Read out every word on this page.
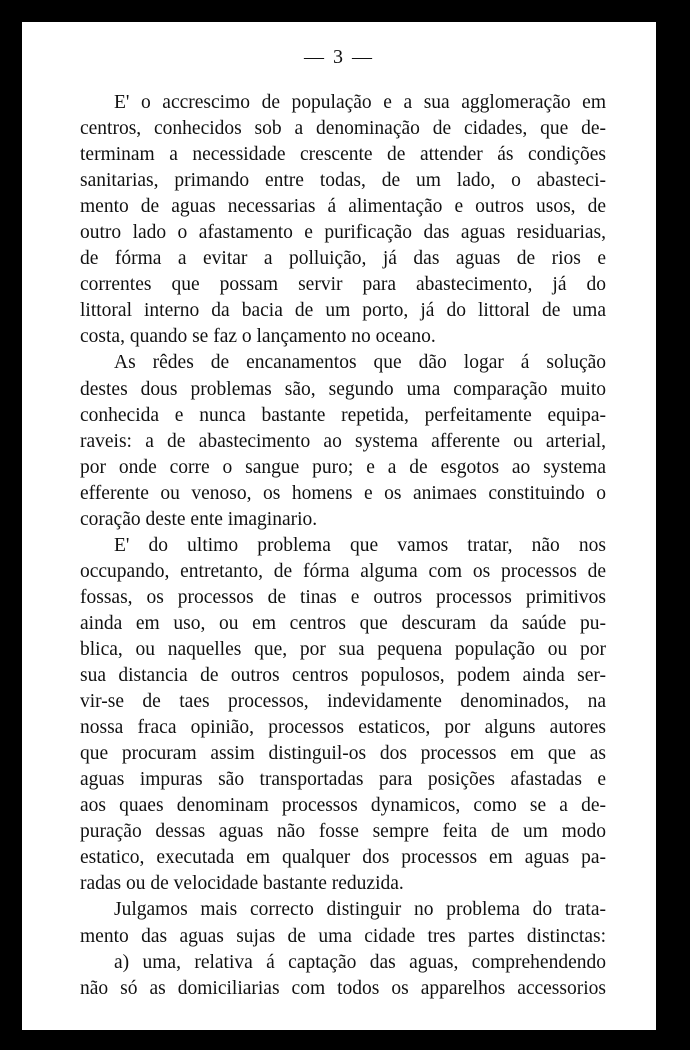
— 3 —
E' o accrescimo de população e a sua agglomeração em
centros, conhecidos sob a denominação de cidades, que de-
terminam a necessidade crescente de attender ás condições
sanitarias, primando entre todas, de um lado, o abasteci-
mento de aguas necessarias á alimentação e outros usos, de
outro lado o afastamento e purificação das aguas residuarias,
de fórma a evitar a polluição, já das aguas de rios e
correntes que possam servir para abastecimento, já do
littoral interno da bacia de um porto, já do littoral de uma
costa, quando se faz o lançamento no oceano.
As rêdes de encanamentos que dão logar á solução
destes dous problemas são, segundo uma comparação muito
conhecida e nunca bastante repetida, perfeitamente equipa-
raveis: a de abastecimento ao systema afferente ou arterial,
por onde corre o sangue puro; e a de esgotos ao systema
efferente ou venoso, os homens e os animaes constituindo o
coração deste ente imaginario.
E' do ultimo problema que vamos tratar, não nos
occupando, entretanto, de fórma alguma com os processos de
fossas, os processos de tinas e outros processos primitivos
ainda em uso, ou em centros que descuram da saúde pu-
blica, ou naquelles que, por sua pequena população ou por
sua distancia de outros centros populosos, podem ainda ser-
vir-se de taes processos, indevidamente denominados, na
nossa fraca opinião, processos estaticos, por alguns autores
que procuram assim distinguil-os dos processos em que as
aguas impuras são transportadas para posições afastadas e
aos quaes denominam processos dynamicos, como se a de-
puração dessas aguas não fosse sempre feita de um modo
estatico, executada em qualquer dos processos em aguas pa-
radas ou de velocidade bastante reduzida.
Julgamos mais correcto distinguir no problema do trata-
mento das aguas sujas de uma cidade tres partes distinctas:
a) uma, relativa á captação das aguas, comprehendendo
não só as domiciliarias com todos os apparelhos accessorios
